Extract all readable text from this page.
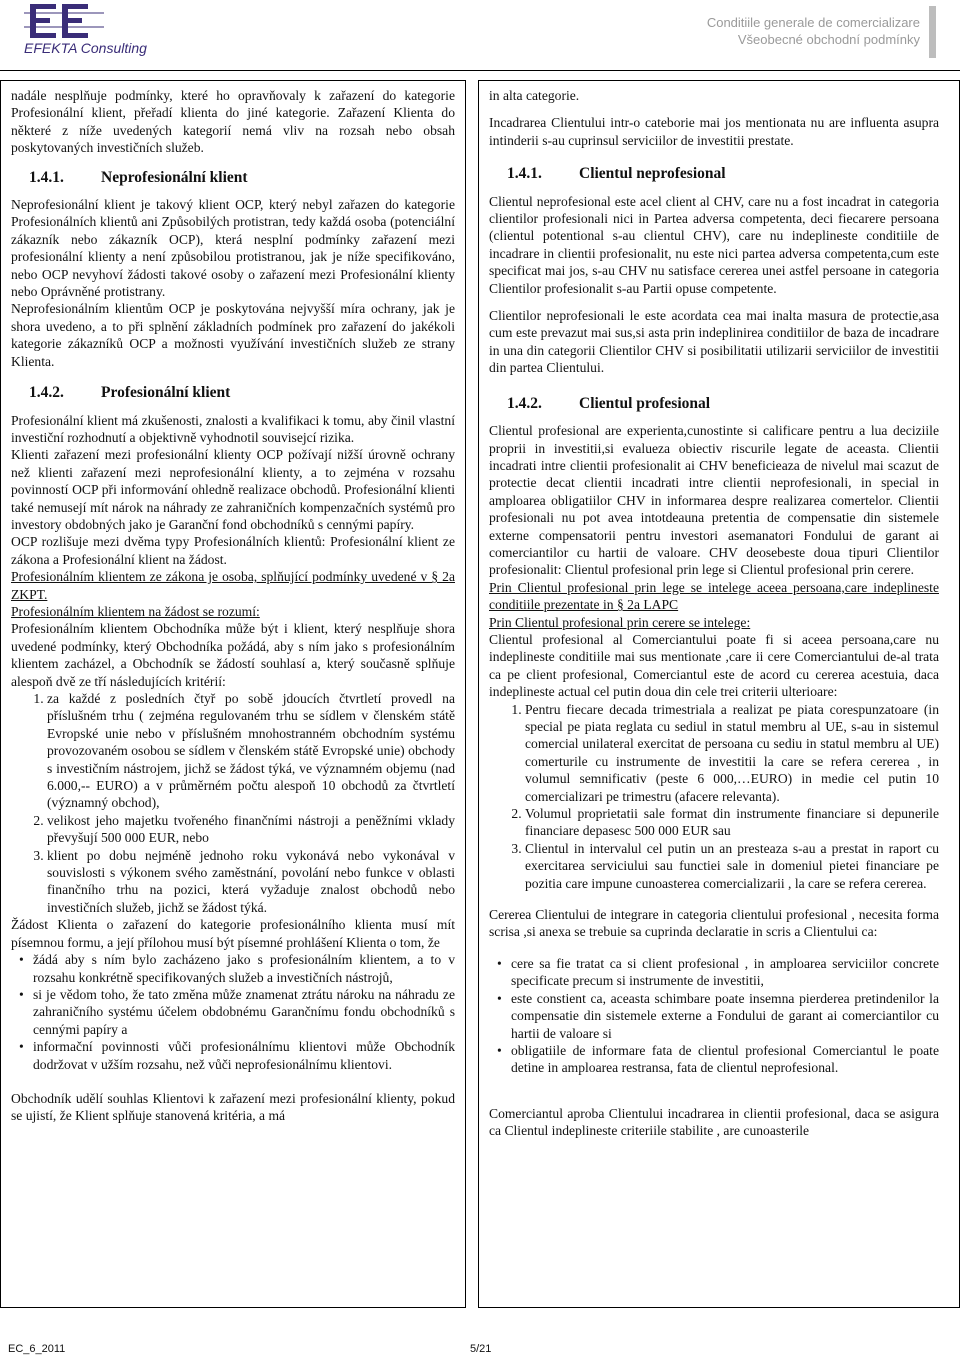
EFEKTA Consulting
Conditiile generale de comercializare
Všeobecné obchodní podmínky

nadále nesplňuje podmínky, které ho opravňovaly k zařazení do kategorie Profesionální klient, přeřadí klienta do jiné kategorie. Zařazení Klienta do některé z níže uvedených kategorií nemá vliv na rozsah nebo obsah poskytovaných investičních služeb.

1.4.1. Neprofesionální klient

Neprofesionální klient je takový klient OCP, který nebyl zařazen do kategorie Profesionálních klientů ani Způsobilých protistran, tedy každá osoba (potenciální zákazník nebo zákazník OCP), která nesplní podmínky zařazení mezi profesionální klienty a není způsobilou protistranou, jak je níže specifikováno, nebo OCP nevyhoví žádosti takové osoby o zařazení mezi Profesionální klienty nebo Oprávněné protistrany.

Neprofesionálním klientům OCP je poskytována nejvyšší míra ochrany, jak je shora uvedeno, a to při splnění základních podmínek pro zařazení do jakékoli kategorie zákazníků OCP a možnosti využívání investičních služeb ze strany Klienta.

1.4.2. Profesionální klient

Profesionální klient má zkušenosti, znalosti a kvalifikaci k tomu, aby činil vlastní investiční rozhodnutí a objektivně vyhodnotil souvisejcí rizika.

Klienti zařazení mezi profesionální klienty OCP požívají nižší úrovně ochrany než klienti zařazení mezi neprofesionální klienty, a to zejména v rozsahu povinností OCP při informování ohledně realizace obchodů. Profesionální klienti také nemusejí mít nárok na náhrady ze zahraničních kompenzačních systémů pro investory obdobných jako je Garanční fond obchodníků s cennými papíry.

OCP rozlišuje mezi dvěma typy Profesionálních klientů: Profesionální klient ze zákona a Profesionální klient na žádost.

Profesionálním klientem ze zákona je osoba, splňující podmínky uvedené v § 2a ZKPT.

Profesionálním klientem na žádost se rozumí:

Profesionálním klientem Obchodníka může být i klient, který nesplňuje shora uvedené podmínky, který Obchodníka požádá, aby s ním jako s profesionálním klientem zacházel, a Obchodník se žádostí souhlasí a, který současně splňuje alespoň dvě ze tří následujících kritérií:

1. za každé z posledních čtyř po sobě jdoucích čtvrtletí provedl na příslušném trhu ( zejména regulovaném trhu se sídlem v členském státě Evropské unie nebo v příslušném mnohostranném obchodním systému provozovaném osobou se sídlem v členském státě Evropské unie) obchody s investičním nástrojem, jichž se žádost týká, ve významném objemu (nad 6.000,-- EURO) a v průměrném počtu alespoň 10 obchodů za čtvrtletí (významný obchod),
2. velikost jeho majetku tvořeného finančními nástroji a peněžními vklady převyšují 500 000 EUR, nebo
3. klient po dobu nejméně jednoho roku vykonává nebo vykonával v souvislosti s výkonem svého zaměstnání, povolání nebo funkce v oblasti finančního trhu na pozici, která vyžaduje znalost obchodů nebo investičních služeb, jichž se žádost týká.

Žádost Klienta o zařazení do kategorie profesionálního klienta musí mít písemnou formu, a její přílohou musí být písemné prohlášení Klienta o tom, že

• žádá aby s ním bylo zacházeno jako s profesionálním klientem, a to v rozsahu konkrétně specifikovaných služeb a investičních nástrojů,
• si je vědom toho, že tato změna může znamenat ztrátu nároku na náhradu ze zahraničního systému účelem obdobnému Garančnímu fondu obchodníků s cennými papíry a
• informační povinnosti vůči profesionálnímu klientovi může Obchodník dodržovat v užším rozsahu, než vůči neprofesionálnímu klientovi.

Obchodník udělí souhlas Klientovi k zařazení mezi profesionální klienty, pokud se ujistí, že Klient splňuje stanovená kritéria, a má

in alta categorie.

Incadrarea Clientului intr-o cateborie mai jos mentionata nu are influenta asupra intinderii s-au cuprinsul serviciilor de investitii prestate.

1.4.1. Clientul neprofesional

Clientul neprofesional este acel client al CHV, care nu a fost incadrat in categoria clientilor profesionali nici in Partea adversa competenta, deci fiecarere persoana (clientul potentional s-au clientul CHV), care nu indeplineste conditiile de incadrare in clientii profesionalit, nu este nici partea adversa competenta,cum este specificat mai jos, s-au CHV nu satisface cererea unei astfel persoane in categoria Clientilor profesionalit s-au Partii opuse competente.

Clientilor neprofesionali le este acordata cea mai inalta masura de protectie,asa cum este prevazut mai sus,si asta prin indeplinirea conditiilor de baza de incadrare in una din categorii Clientilor CHV si posibilitatii utilizarii serviciilor de investitii din partea Clientului.

1.4.2. Clientul profesional

Clientul profesional are experienta,cunostinte si calificare pentru a lua deciziile proprii in investitii,si evalueza obiectiv riscurile legate de aceasta. Clientii incadrati intre clientii profesionalit ai CHV beneficieaza de nivelul mai scazut de protectie decat clientii incadrati intre clientii neprofesionali, in special in amploarea obligatiilor CHV in informarea despre realizarea comertelor. Clientii profesionali nu pot avea intotdeauna pretentia de compensatie din sistemele externe compensatorii pentru investori asemanatori Fondului de garant ai comerciantilor cu hartii de valoare. CHV deosebeste doua tipuri Clientilor profesionalit: Clientul profesional prin lege si Clientul profesional prin cerere.

Prin Clientul profesional prin lege se intelege aceea persoana,care indeplineste conditiile prezentate in § 2a LAPC

Prin Clientul profesional prin cerere se intelege:

Clientul profesional al Comerciantului poate fi si aceea persoana,care nu indeplineste conditiile mai sus mentionate ,care ii cere Comerciantului de-al trata ca pe client profesional, Comerciantul este de acord cu cererea acestuia, daca indeplineste actual cel putin doua din cele trei criterii ulterioare:

1. Pentru fiecare decada trimestriala a realizat pe piata corespunzatoare (in special pe piata reglata cu sediul in statul membru al UE, s-au in sistemul comercial unilateral exercitat de persoana cu sediu in statul membru al UE) comerturile cu instrumente de investitii la care se refera cererea , in volumul semnificativ (peste 6 000,…EURO) in medie cel putin 10 comercializari pe trimestru (afacere relevanta).
2. Volumul proprietatii sale format din instrumente financiare si depunerile financiare depasesc 500 000 EUR sau
3. Clientul in intervalul cel putin un an presteaza s-au a prestat in raport cu exercitarea serviciului sau functiei sale in domeniul pietei financiare pe pozitia care impune cunoasterea comercializarii , la care se refera cererea.

Cererea Clientului de integrare in categoria clientului profesional , necesita forma scrisa ,si anexa se trebuie sa cuprinda declaratie in scris a Clientului ca:

• cere sa fie tratat ca si client profesional , in amploarea serviciilor concrete specificate precum si instrumente de investitii,
• este constient ca, aceasta schimbare poate insemna pierderea pretindenilor la compensatie din sistemele externe a Fondului de garant ai comerciantilor cu hartii de valoare si
• obligatiile de informare fata de clientul profesional Comerciantul le poate detine in amploarea restransa, fata de clientul neprofesional.

Comerciantul aproba Clientului incadrarea in clientii profesional, daca se asigura ca Clientul indeplineste criteriile stabilite , are cunoasterile

EC_6_2011	5/21
